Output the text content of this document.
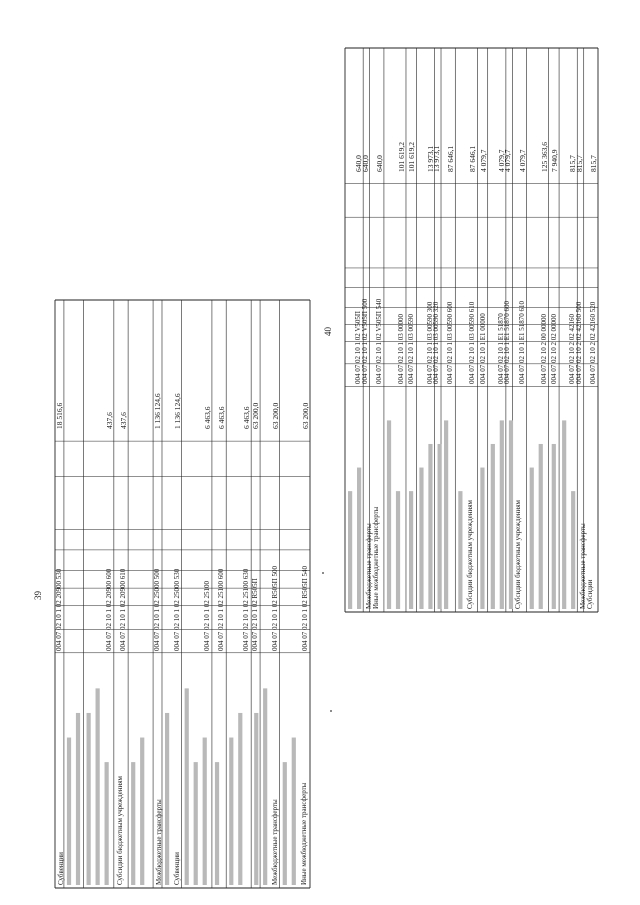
Субвенции
004 07 02 10 1 02 20900 530
18 516,6
004 07 02 10 1 02 20900 600
437,6
Субсидии бюджетным учреждениям
004 07 02 10 1 02 20900 610
437,6
Межбюджетные трансферты
004 07 02 10 1 02 25000 500
1 136 124,6
Субвенции
004 07 02 10 1 02 25000 530
1 136 124,6
004 07 02 10 1 02 25100
6 463,6
004 07 02 10 1 02 25100 600
6 463,6
004 07 02 10 1 02 25100 630
6 463,6
004 07 02 10 1 02 R505П
63 200,0
Межбюджетные трансферты
004 07 02 10 1 02 R505П 500
63 200,0
Иные межбюджетные трансферты
004 07 02 10 1 02 R505П 540
63 200,0
39
004 07 02 10 1 02 V505П
640,0
Межбюджетные трансферты
004 07 02 10 1 02 V505П 500
640,0
Иные межбюджетные трансферты
004 07 02 10 1 02 V505П 540
640,0
004 07 02 10 1 03 00000
101 619,2
004 07 02 10 1 03 00590
101 619,2
004 07 02 10 1 03 00590 300
13 973,1
004 07 02 10 1 03 00590 320
13 973,1
004 07 02 10 1 03 00590 600
87 646,1
Субсидии бюджетным учреждениям
004 07 02 10 1 03 00590 610
87 646,1
004 07 02 10 1 E1 00000
4 079,7
004 07 02 10 1 E1 51870
4 079,7
004 07 02 10 1 E1 51870 600
4 079,7
Субсидии бюджетным учреждениям
004 07 02 10 1 E1 51870 610
4 079,7
004 07 02 10 2 00 00000
125 363,6
004 07 02 10 2 02 00000
7 940,9
004 07 02 10 2 02 42160
815,7
Межбюджетные трансферты
004 07 02 10 2 02 42160 500
815,7
Субсидии
004 07 02 10 2 02 42160 520
815,7
40
